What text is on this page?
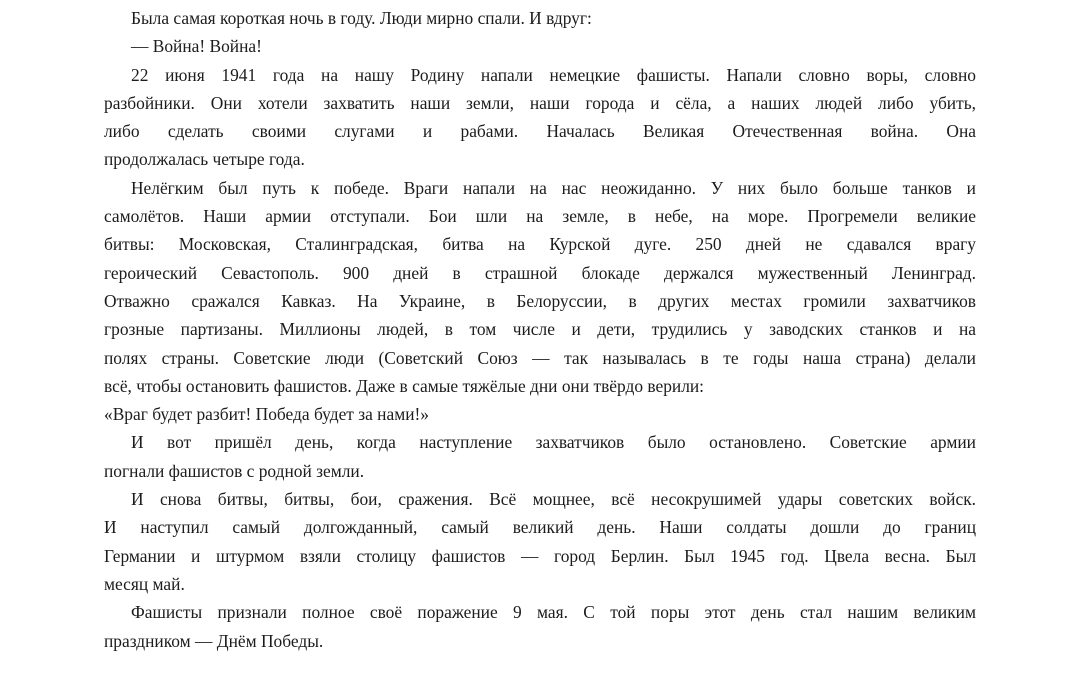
Была самая короткая ночь в году. Люди мирно спали. И вдруг:
— Война! Война!
22 июня 1941 года на нашу Родину напали немецкие фашисты. Напали словно воры, словно
разбойники. Они хотели захватить наши земли, наши города и сёла, а наших людей либо убить,
либо сделать своими слугами и рабами. Началась Великая Отечественная война. Она
продолжалась четыре года.
Нелёгким был путь к победе. Враги напали на нас неожиданно. У них было больше танков и
самолётов. Наши армии отступали. Бои шли на земле, в небе, на море. Прогремели великие
битвы: Московская, Сталинградская, битва на Курской дуге. 250 дней не сдавался врагу
героический Севастополь. 900 дней в страшной блокаде держался мужественный Ленинград.
Отважно сражался Кавказ. На Украине, в Белоруссии, в других местах громили захватчиков
грозные партизаны. Миллионы людей, в том числе и дети, трудились у заводских станков и на
полях страны. Советские люди (Советский Союз — так называлась в те годы наша страна) делали
всё, чтобы остановить фашистов. Даже в самые тяжёлые дни они твёрдо верили:
«Враг будет разбит! Победа будет за нами!»
И вот пришёл день, когда наступление захватчиков было остановлено. Советские армии
погнали фашистов с родной земли.
И снова битвы, битвы, бои, сражения. Всё мощнее, всё несокрушимей удары советских войск.
И наступил самый долгожданный, самый великий день. Наши солдаты дошли до границ
Германии и штурмом взяли столицу фашистов — город Берлин. Был 1945 год. Цвела весна. Был
месяц май.
Фашисты признали полное своё поражение 9 мая. С той поры этот день стал нашим великим
праздником — Днём Победы.
